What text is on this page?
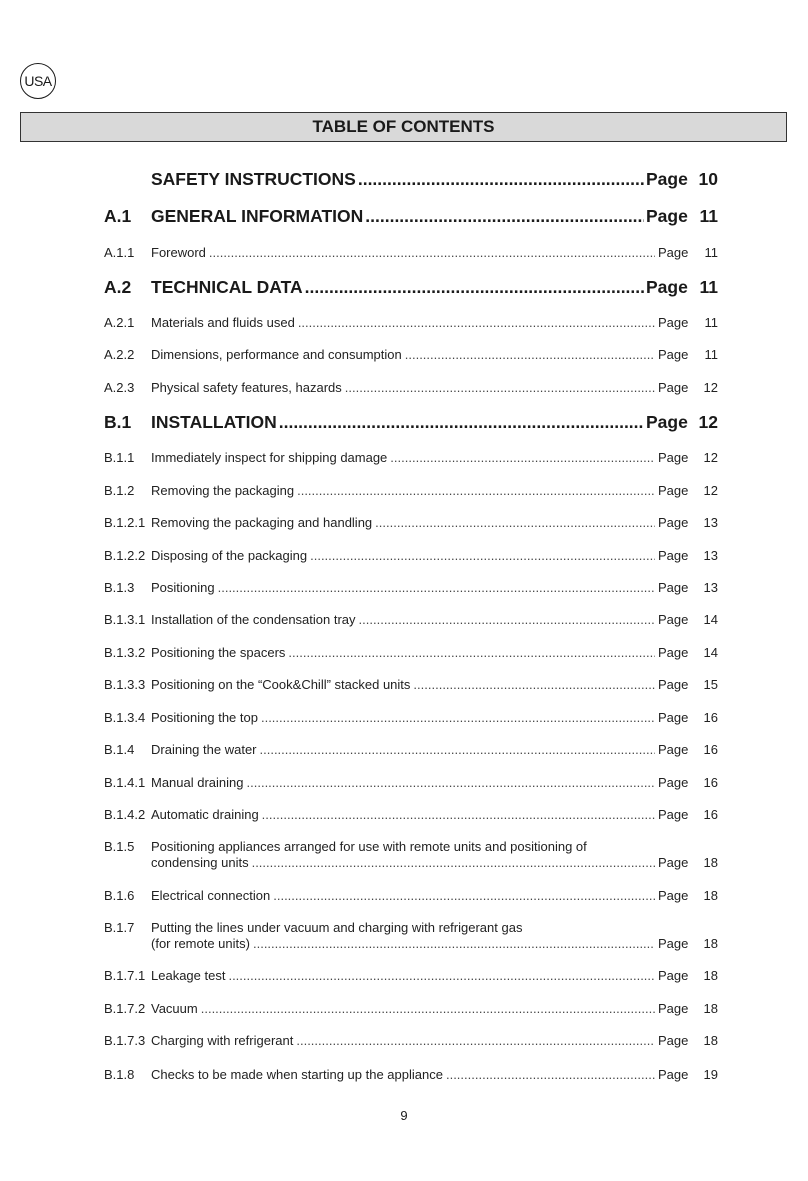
USA
TABLE OF CONTENTS
SAFETY INSTRUCTIONS .....	Page 10
A.1 GENERAL INFORMATION .....	Page 11
A.1.1 Foreword .....	Page 11
A.2 TECHNICAL DATA .....	Page 11
A.2.1 Materials and fluids used .....	Page 11
A.2.2 Dimensions, performance and consumption .....	Page 11
A.2.3 Physical safety features, hazards .....	Page 12
B.1 INSTALLATION .....	Page 12
B.1.1 Immediately inspect for shipping damage .....	Page 12
B.1.2 Removing the packaging .....	Page 12
B.1.2.1 Removing the packaging and handling .....	Page 13
B.1.2.2 Disposing of the packaging .....	Page 13
B.1.3 Positioning .....	Page 13
B.1.3.1 Installation of the condensation tray .....	Page 14
B.1.3.2 Positioning the spacers .....	Page 14
B.1.3.3 Positioning on the “Cook&Chill” stacked units .....	Page 15
B.1.3.4 Positioning the top .....	Page 16
B.1.4 Draining the water .....	Page 16
B.1.4.1 Manual draining .....	Page 16
B.1.4.2 Automatic draining .....	Page 16
B.1.5 Positioning appliances arranged for use with remote units and positioning of
condensing units .....	Page 18
B.1.6 Electrical connection .....	Page 18
B.1.7 Putting the lines under vacuum and charging with refrigerant gas
(for remote units) .....	Page 18
B.1.7.1 Leakage test .....	Page 18
B.1.7.2 Vacuum .....	Page 18
B.1.7.3 Charging with refrigerant .....	Page 18
B.1.8 Checks to be made when starting up the appliance .....	Page 19
9
